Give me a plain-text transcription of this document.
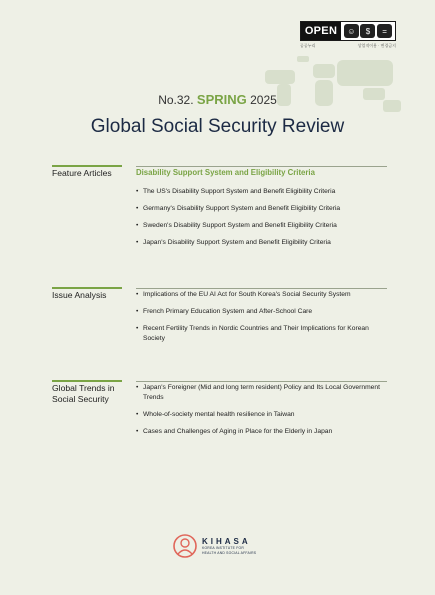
OPEN	☺	$	=
공공누리	상업적이용 · 변경금지
No.32. SPRING 2025
Global Social Security Review
Feature Articles	Disability Support System and Eligibility Criteria
• The US's Disability Support System and Benefit Eligibility Criteria
• Germany's Disability Support System and Benefit Eligibility Criteria
• Sweden's Disability Support System and Benefit Eligibility Criteria
• Japan's Disability Support System and Benefit Eligibility Criteria
Issue Analysis
•	Implications of the EU AI Act for South Korea's Social Security System
• French Primary Education System and After-School Care
• Recent Fertility Trends in Nordic Countries and Their Implications for Korean Society
Global Trends in Social Security
• Japan's Foreigner (Mid and long term resident) Policy and Its Local Government Trends
• Whole-of-society mental health resilience in Taiwan
• Cases and Challenges of Aging in Place for the Elderly in Japan
KIHASA
KOREA INSTITUTE FOR
HEALTH AND SOCIAL AFFAIRS
